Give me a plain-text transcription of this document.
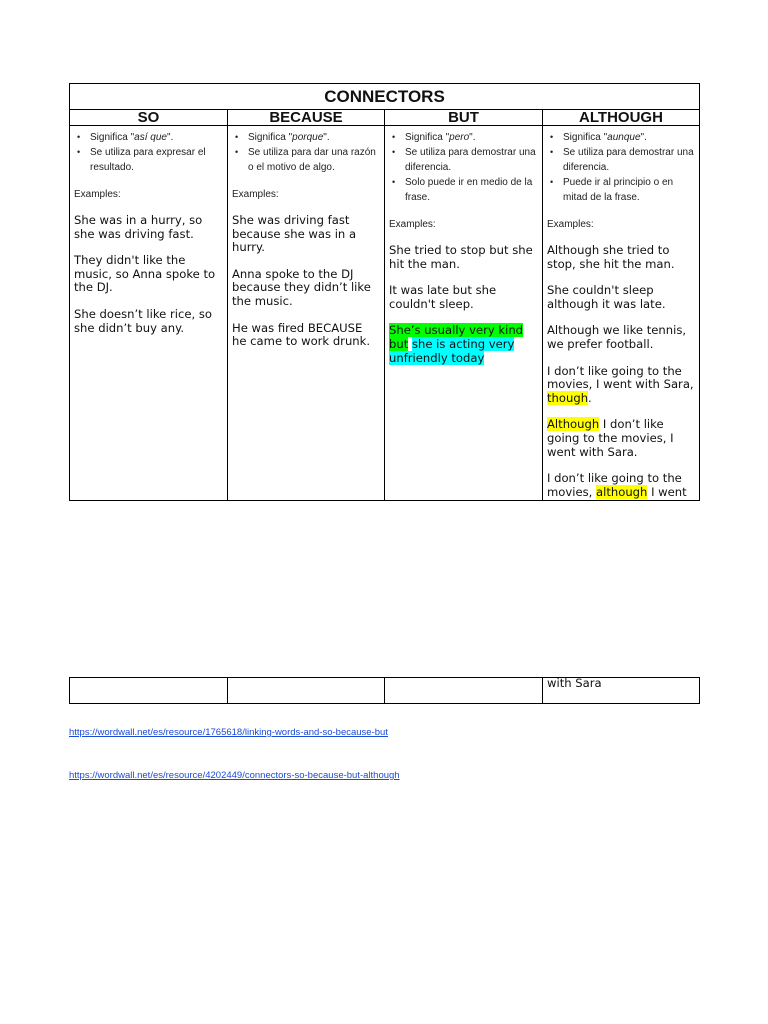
CONNECTORS
SO
• Significa "así que".
• Se utiliza para expresar el resultado.
Examples:

She was in a hurry, so she was driving fast.

They didn't like the music, so Anna spoke to the DJ.

She doesn’t like rice, so she didn’t buy any.

BECAUSE
• Significa "porque".
• Se utiliza para dar una razón o el motivo de algo.
Examples:

She was driving fast because she was in a hurry.

Anna spoke to the DJ because they didn’t like the music.

He was fired BECAUSE he came to work drunk.

BUT
• Significa "pero".
• Se utiliza para demostrar una diferencia.
• Solo puede ir en medio de la frase.
Examples:

She tried to stop but she hit the man.

It was late but she couldn't sleep.

She’s usually very kind but she is acting very unfriendly today

ALTHOUGH
• Significa "aunque".
• Se utiliza para demostrar una diferencia.
• Puede ir al principio o en mitad de la frase.
Examples:

Although she tried to stop, she hit the man.

She couldn't sleep although it was late.

Although we like tennis, we prefer football.

I don’t like going to the movies, I went with Sara, though.

Although I don’t like going to the movies, I went with Sara.

I don’t like going to the movies, although I went

with Sara
https://wordwall.net/es/resource/1765618/linking-words-and-so-because-but
https://wordwall.net/es/resource/4202449/connectors-so-because-but-although
